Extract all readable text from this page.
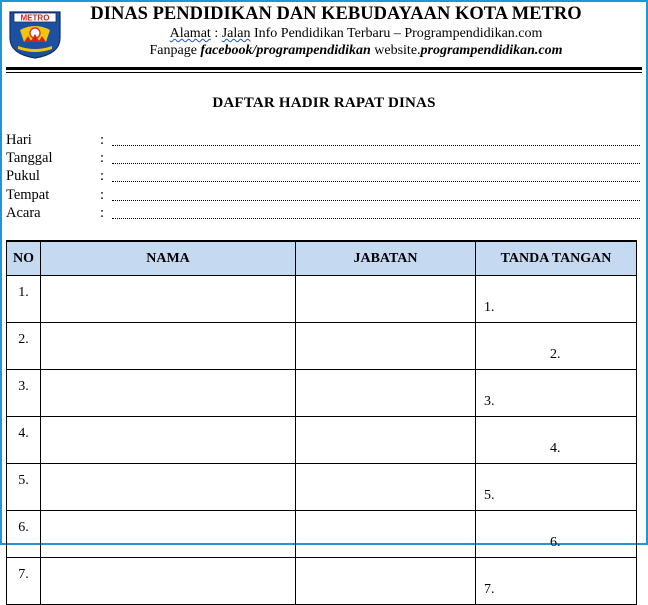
METRO	DINAS PENDIDIKAN DAN KEBUDAYAAN KOTA METRO
Alamat : Jalan Info Pendidikan Terbaru – Programpendidikan.com
Fanpage facebook/programpendidikan website.programpendidikan.com
DAFTAR HADIR RAPAT DINAS
Hari	:
Tanggal	:
Pukul	:
Tempat	:
Acara	:
NO	NAMA	JABATAN	TANDA TANGAN
1.			1.

2.			2.

3.			3.

4.			4.

5.			5.

6.			6.

7.			7.
